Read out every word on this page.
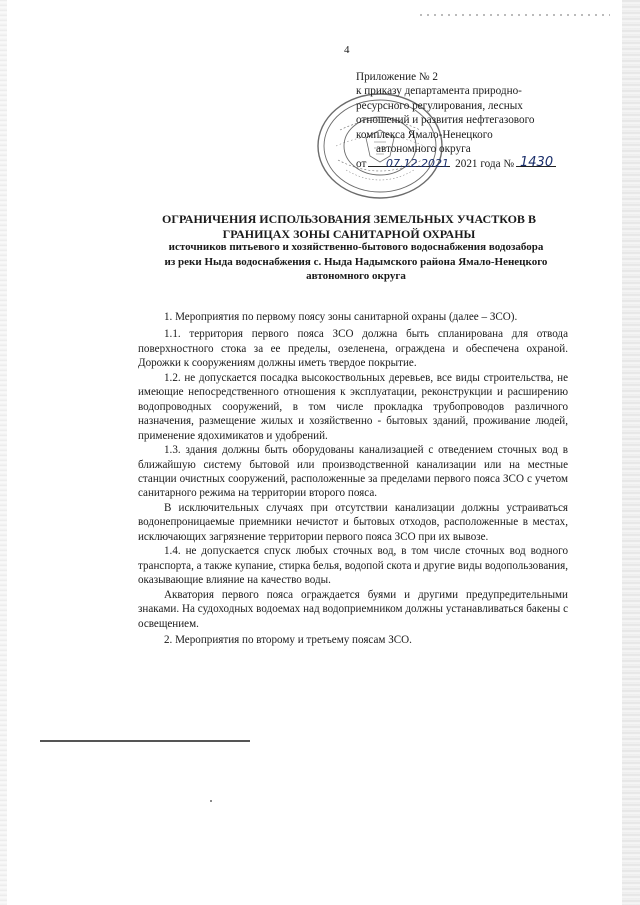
4
Приложение № 2
к приказу департамента природно-
ресурсного регулирования, лесных
отношений и развития нефтегазового
комплекса Ямало-Ненецкого
автономного округа
от	2021 года №
07.12.2021	1430
ОГРАНИЧЕНИЯ ИСПОЛЬЗОВАНИЯ ЗЕМЕЛЬНЫХ УЧАСТКОВ В
ГРАНИЦАХ ЗОНЫ САНИТАРНОЙ ОХРАНЫ
источников питьевого и хозяйственно-бытового водоснабжения водозабора
из реки Ныда водоснабжения с. Ныда Надымского района Ямало-Ненецкого
автономного округа

1. Мероприятия по первому поясу зоны санитарной охраны (далее – ЗСО).

1.1. территория первого пояса ЗСО должна быть спланирована для отвода поверхностного стока за ее пределы, озеленена, ограждена и обеспечена охраной. Дорожки к сооружениям должны иметь твердое покрытие.

1.2. не допускается посадка высокоствольных деревьев, все виды строительства, не имеющие непосредственного отношения к эксплуатации, реконструкции и расширению водопроводных сооружений, в том числе прокладка трубопроводов различного назначения, размещение жилых и хозяйственно - бытовых зданий, проживание людей, применение ядохимикатов и удобрений.

1.3. здания должны быть оборудованы канализацией с отведением сточных вод в ближайшую систему бытовой или производственной канализации или на местные станции очистных сооружений, расположенные за пределами первого пояса ЗСО с учетом санитарного режима на территории второго пояса.

В исключительных случаях при отсутствии канализации должны устраиваться водонепроницаемые приемники нечистот и бытовых отходов, расположенные в местах, исключающих загрязнение территории первого пояса ЗСО при их вывозе.

1.4. не допускается спуск любых сточных вод, в том числе сточных вод водного транспорта, а также купание, стирка белья, водопой скота и другие виды водопользования, оказывающие влияние на качество воды.

Акватория первого пояса ограждается буями и другими предупредительными знаками. На судоходных водоемах над водоприемником должны устанавливаться бакены с освещением.

2. Мероприятия по второму и третьему поясам ЗСО.
